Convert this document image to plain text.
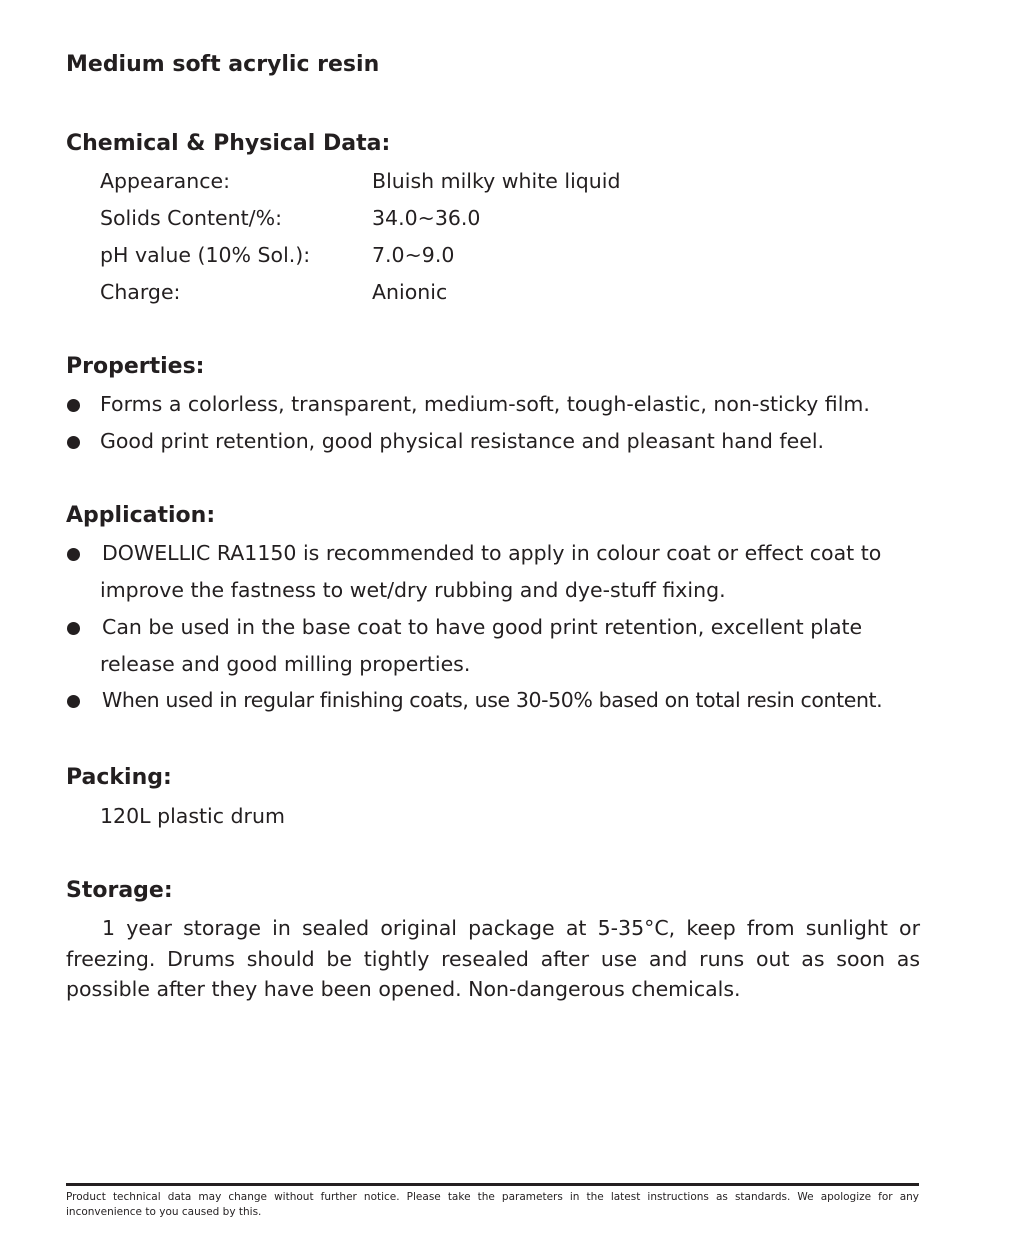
Medium soft acrylic resin
Chemical & Physical Data:
Appearance:	Bluish milky white liquid
Solids Content/%:	34.0~36.0
pH value (10% Sol.):	7.0~9.0
Charge:	Anionic
Properties:
Forms a colorless, transparent, medium-soft, tough-elastic, non-sticky film.
Good print retention, good physical resistance and pleasant hand feel.
Application:
DOWELLIC RA1150 is recommended to apply in colour coat or effect coat to
improve the fastness to wet/dry rubbing and dye-stuff fixing.
Can be used in the base coat to have good print retention, excellent plate
release and good milling properties.
When used in regular finishing coats, use 30-50% based on total resin content.
Packing:
120L plastic drum
Storage:
1 year storage in sealed original package at 5-35°C, keep from sunlight or freezing. Drums should be tightly resealed after use and runs out as soon as possible after they have been opened. Non-dangerous chemicals.
Product technical data may change without further notice. Please take the parameters in the latest instructions as standards. We apologize for any inconvenience to you caused by this.
